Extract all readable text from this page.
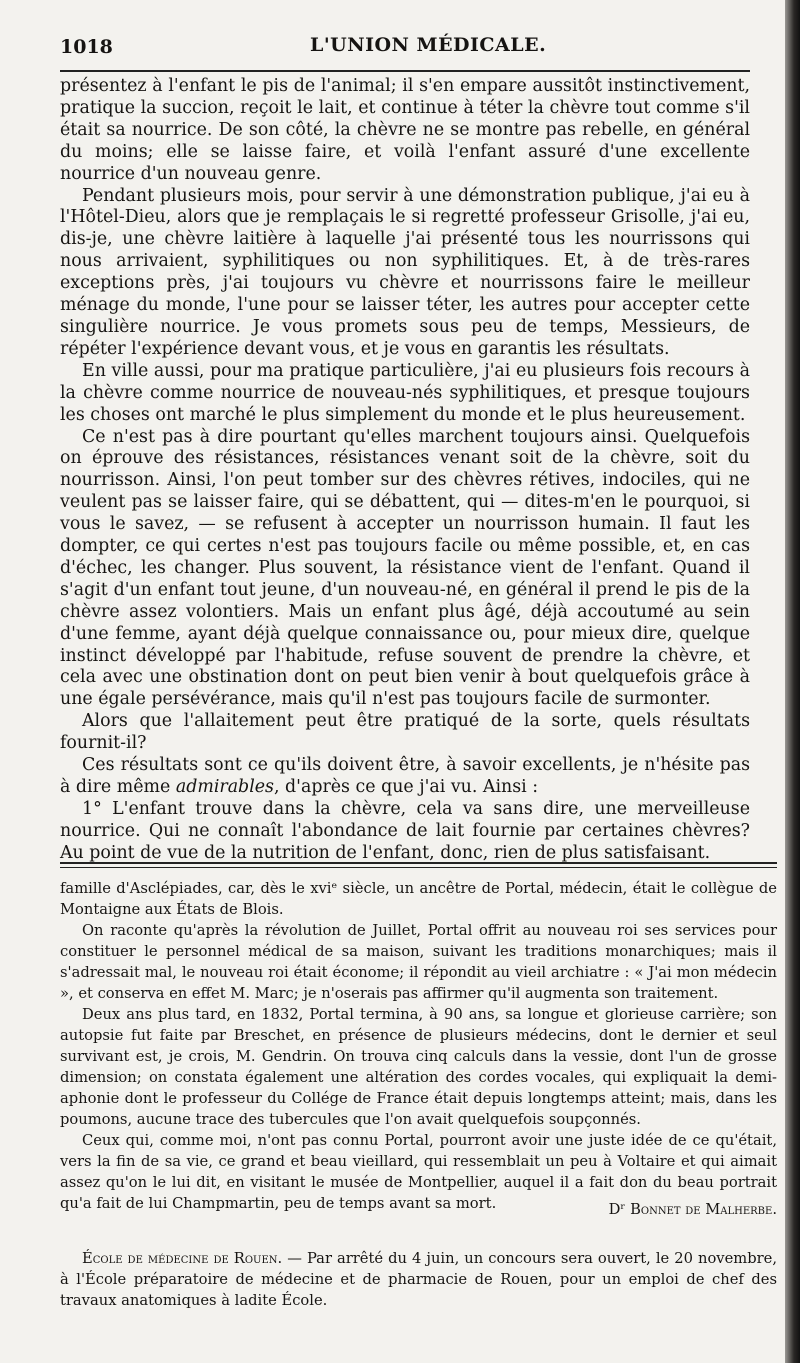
1018	L'UNION MÉDICALE.

présentez à l'enfant le pis de l'animal; il s'en empare aussitôt instinctivement, pratique la succion, reçoit le lait, et continue à téter la chèvre tout comme s'il était sa nourrice. De son côté, la chèvre ne se montre pas rebelle, en général du moins; elle se laisse faire, et voilà l'enfant assuré d'une excellente nourrice d'un nouveau genre.

Pendant plusieurs mois, pour servir à une démonstration publique, j'ai eu à l'Hôtel-Dieu, alors que je remplaçais le si regretté professeur Grisolle, j'ai eu, dis-je, une chèvre laitière à laquelle j'ai présenté tous les nourrissons qui nous arrivaient, syphilitiques ou non syphilitiques. Et, à de très-rares exceptions près, j'ai toujours vu chèvre et nourrissons faire le meilleur ménage du monde, l'une pour se laisser téter, les autres pour accepter cette singulière nourrice. Je vous promets sous peu de temps, Messieurs, de répéter l'expérience devant vous, et je vous en garantis les résultats.

En ville aussi, pour ma pratique particulière, j'ai eu plusieurs fois recours à la chèvre comme nourrice de nouveau-nés syphilitiques, et presque toujours les choses ont marché le plus simplement du monde et le plus heureusement.

Ce n'est pas à dire pourtant qu'elles marchent toujours ainsi. Quelquefois on éprouve des résistances, résistances venant soit de la chèvre, soit du nourrisson. Ainsi, l'on peut tomber sur des chèvres rétives, indociles, qui ne veulent pas se laisser faire, qui se débattent, qui — dites-m'en le pourquoi, si vous le savez, — se refusent à accepter un nourrisson humain. Il faut les dompter, ce qui certes n'est pas toujours facile ou même possible, et, en cas d'échec, les changer. Plus souvent, la résistance vient de l'enfant. Quand il s'agit d'un enfant tout jeune, d'un nouveau-né, en général il prend le pis de la chèvre assez volontiers. Mais un enfant plus âgé, déjà accoutumé au sein d'une femme, ayant déjà quelque connaissance ou, pour mieux dire, quelque instinct développé par l'habitude, refuse souvent de prendre la chèvre, et cela avec une obstination dont on peut bien venir à bout quelquefois grâce à une égale persévérance, mais qu'il n'est pas toujours facile de surmonter.

Alors que l'allaitement peut être pratiqué de la sorte, quels résultats fournit-il?

Ces résultats sont ce qu'ils doivent être, à savoir excellents, je n'hésite pas à dire même admirables, d'après ce que j'ai vu. Ainsi :

1° L'enfant trouve dans la chèvre, cela va sans dire, une merveilleuse nourrice. Qui ne connaît l'abondance de lait fournie par certaines chèvres? Au point de vue de la nutrition de l'enfant, donc, rien de plus satisfaisant.

famille d'Asclépiades, car, dès le xviᵉ siècle, un ancêtre de Portal, médecin, était le collègue de Montaigne aux États de Blois.

On raconte qu'après la révolution de Juillet, Portal offrit au nouveau roi ses services pour constituer le personnel médical de sa maison, suivant les traditions monarchiques; mais il s'adressait mal, le nouveau roi était économe; il répondit au vieil archiatre : « J'ai mon médecin », et conserva en effet M. Marc; je n'oserais pas affirmer qu'il augmenta son traitement.

Deux ans plus tard, en 1832, Portal termina, à 90 ans, sa longue et glorieuse carrière; son autopsie fut faite par Breschet, en présence de plusieurs médecins, dont le dernier et seul survivant est, je crois, M. Gendrin. On trouva cinq calculs dans la vessie, dont l'un de grosse dimension; on constata également une altération des cordes vocales, qui expliquait la demi-aphonie dont le professeur du Collége de France était depuis longtemps atteint; mais, dans les poumons, aucune trace des tubercules que l'on avait quelquefois soupçonnés.

Ceux qui, comme moi, n'ont pas connu Portal, pourront avoir une juste idée de ce qu'était, vers la fin de sa vie, ce grand et beau vieillard, qui ressemblait un peu à Voltaire et qui aimait assez qu'on le lui dit, en visitant le musée de Montpellier, auquel il a fait don du beau portrait qu'a fait de lui Champmartin, peu de temps avant sa mort.	Dʳ Bonnet de Malherbe.

École de médecine de Rouen. — Par arrêté du 4 juin, un concours sera ouvert, le 20 novembre, à l'École préparatoire de médecine et de pharmacie de Rouen, pour un emploi de chef des travaux anatomiques à ladite École.
